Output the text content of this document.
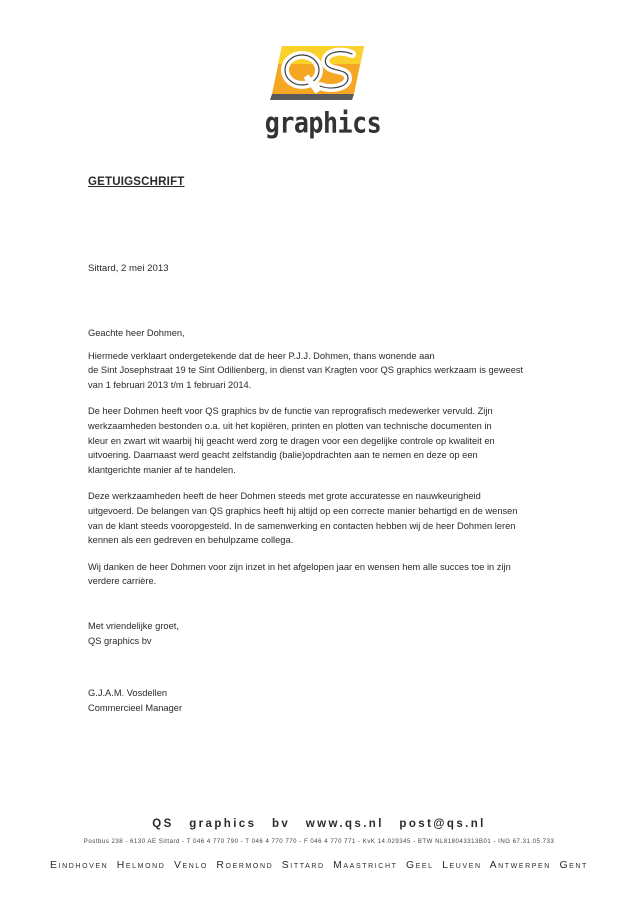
graphics
GETUIGSCHRIFT
Sittard, 2 mei 2013

Geachte heer Dohmen,

Hiermede verklaart ondergetekende dat de heer P.J.J. Dohmen, thans wonende aan
de Sint Josephstraat 19 te Sint Odilienberg, in dienst van Kragten voor QS graphics werkzaam is geweest
van 1 februari 2013 t/m 1 februari 2014.

De heer Dohmen heeft voor QS graphics bv de functie van reprografisch medewerker vervuld. Zijn
werkzaamheden bestonden o.a. uit het kopiëren, printen en plotten van technische documenten in
kleur en zwart wit waarbij hij geacht werd zorg te dragen voor een degelijke controle op kwaliteit en
uitvoering. Daarnaast werd geacht zelfstandig (balie)opdrachten aan te nemen en deze op een
klantgerichte manier af te handelen.

Deze werkzaamheden heeft de heer Dohmen steeds met grote accuratesse en nauwkeurigheid
uitgevoerd. De belangen van QS graphics heeft hij altijd op een correcte manier behartigd en de wensen
van de klant steeds vooropgesteld. In de samenwerking en contacten hebben wij de heer Dohmen leren
kennen als een gedreven en behulpzame collega.

Wij danken de heer Dohmen voor zijn inzet in het afgelopen jaar en wensen hem alle succes toe in zijn
verdere carrière.

Met vriendelijke groet,
QS graphics bv
G.J.A.M. Vosdellen
Commercieel Manager
QS graphics bv www.qs.nl post@qs.nl
Postbus 238 - 6130 AE Sittard - T 046 4 770 790 - T 046 4 770 770 - F 046 4 770 771 - KvK 14.029345 - BTW NL818043313B01 - ING 67.31.05.733
Eindhoven Helmond Venlo Roermond Sittard Maastricht Geel Leuven Antwerpen Gent
